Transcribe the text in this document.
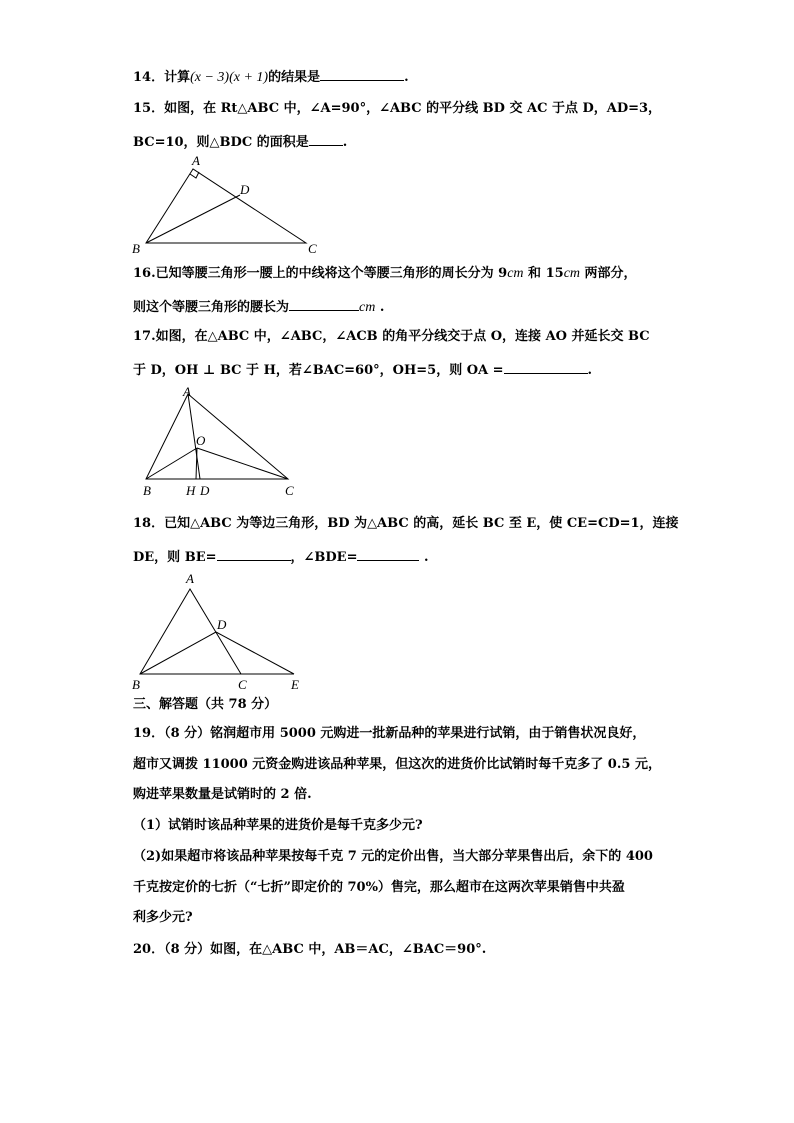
14．计算(x − 3)(x + 1)的结果是	.
15．如图，在 Rt△ABC 中，∠A=90°，∠ABC 的平分线 BD 交 AC 于点 D，AD=3，
BC=10，则△BDC 的面积是	.
A
B	C
D
16.已知等腰三角形一腰上的中线将这个等腰三角形的周长分为 9cm 和 15cm 两部分，
则这个等腰三角形的腰长为	cm .
17.如图，在△ABC 中，∠ABC，∠ACB 的角平分线交于点 O，连接 AO 并延长交 BC
于 D，OH ⊥ BC 于 H，若∠BAC=60°，OH=5，则 OA =	.
A
O
B	H D	C
18．已知△ABC 为等边三角形，BD 为△ABC 的高，延长 BC 至 E，使 CE=CD=1，连接
DE，则 BE=	，∠BDE=	.
A
D
B	C	E
三、解答题（共 78 分）
19．（8 分）铭润超市用 5000 元购进一批新品种的苹果进行试销，由于销售状况良好，
超市又调拨 11000 元资金购进该品种苹果，但这次的进货价比试销时每千克多了 0.5 元，
购进苹果数量是试销时的 2 倍.
（1）试销时该品种苹果的进货价是每千克多少元?
（2)如果超市将该品种苹果按每千克 7 元的定价出售，当大部分苹果售出后，余下的 400
千克按定价的七折（“七折”即定价的 70%）售完，那么超市在这两次苹果销售中共盈
利多少元?
20．（8 分）如图，在△ABC 中，AB＝AC，∠BAC＝90°.
